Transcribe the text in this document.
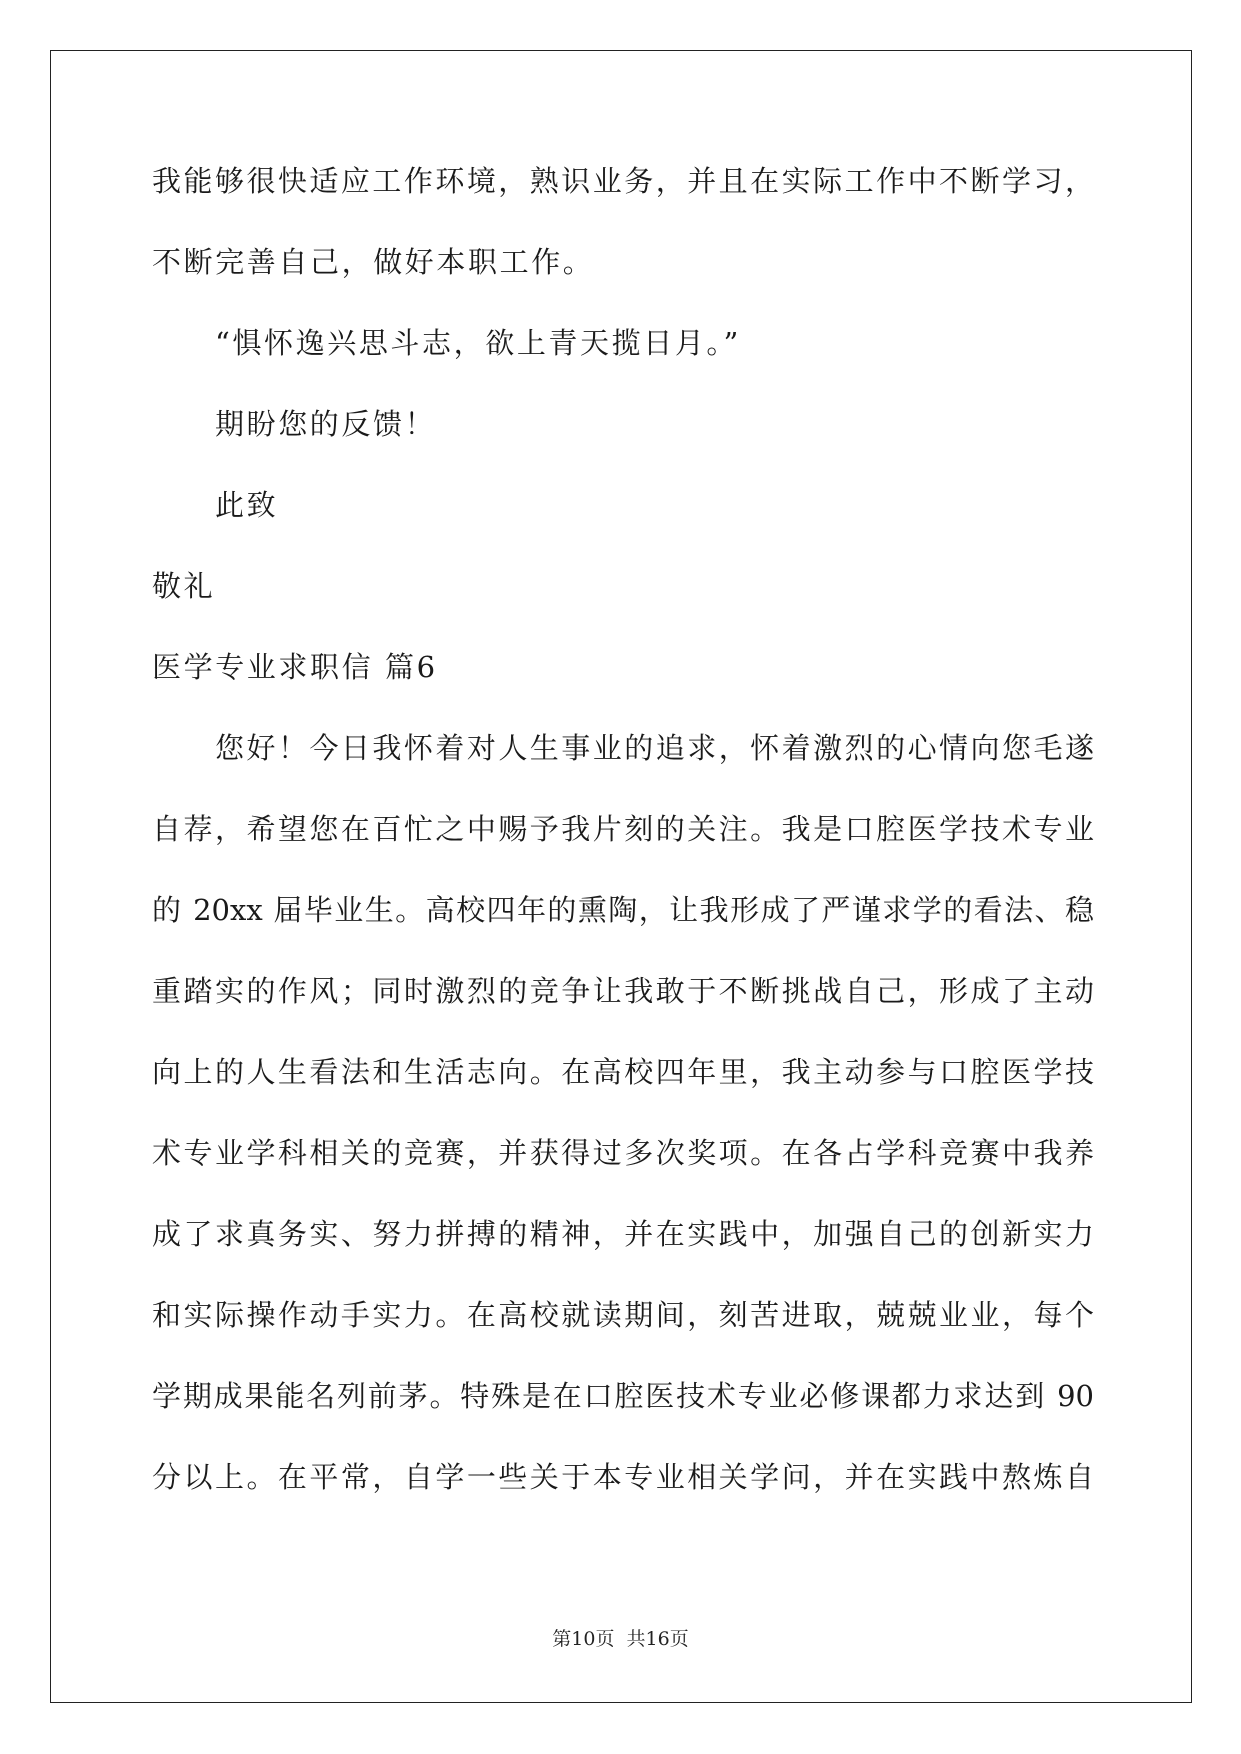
我能够很快适应工作环境，熟识业务，并且在实际工作中不断学习，
不断完善自己，做好本职工作。
“惧怀逸兴思斗志，欲上青天揽日月。”
期盼您的反馈！
此致
敬礼
医学专业求职信 篇6
您好！今日我怀着对人生事业的追求，怀着激烈的心情向您毛遂
自荐，希望您在百忙之中赐予我片刻的关注。我是口腔医学技术专业
的 20xx 届毕业生。高校四年的熏陶，让我形成了严谨求学的看法、稳
重踏实的作风；同时激烈的竞争让我敢于不断挑战自己，形成了主动
向上的人生看法和生活志向。在高校四年里，我主动参与口腔医学技
术专业学科相关的竞赛，并获得过多次奖项。在各占学科竞赛中我养
成了求真务实、努力拼搏的精神，并在实践中，加强自己的创新实力
和实际操作动手实力。在高校就读期间，刻苦进取，兢兢业业，每个
学期成果能名列前茅。特殊是在口腔医技术专业必修课都力求达到 90
分以上。在平常，自学一些关于本专业相关学问，并在实践中熬炼自
第10页  共16页
